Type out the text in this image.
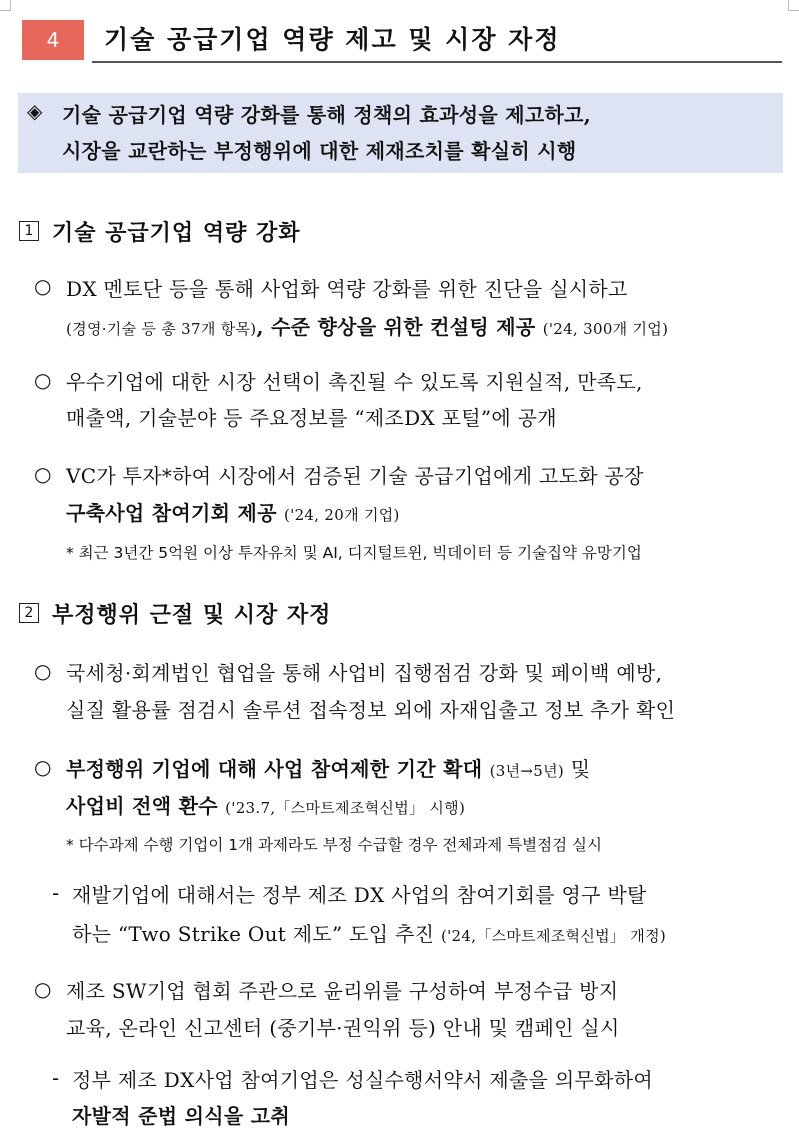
4	기술 공급기업 역량 제고 및 시장 자정
◈ 기술 공급기업 역량 강화를 통해 정책의 효과성을 제고하고,
시장을 교란하는 부정행위에 대한 제재조치를 확실히 시행
1 기술 공급기업 역량 강화
○ DX 멘토단 등을 통해 사업화 역량 강화를 위한 진단을 실시하고
(경영·기술 등 총 37개 항목), 수준 향상을 위한 컨설팅 제공 ('24, 300개 기업)
○ 우수기업에 대한 시장 선택이 촉진될 수 있도록 지원실적, 만족도,
매출액, 기술분야 등 주요정보를 “제조DX 포털”에 공개
○ VC가 투자*하여 시장에서 검증된 기술 공급기업에게 고도화 공장
구축사업 참여기회 제공 ('24, 20개 기업)
* 최근 3년간 5억원 이상 투자유치 및 AI, 디지털트윈, 빅데이터 등 기술집약 유망기업
2 부정행위 근절 및 시장 자정
○ 국세청·회계법인 협업을 통해 사업비 집행점검 강화 및 페이백 예방,
실질 활용률 점검시 솔루션 접속정보 외에 자재입출고 정보 추가 확인
○ 부정행위 기업에 대해 사업 참여제한 기간 확대 (3년→5년) 및
사업비 전액 환수 ('23.7,「스마트제조혁신법」 시행)
* 다수과제 수행 기업이 1개 과제라도 부정 수급할 경우 전체과제 특별점검 실시
- 재발기업에 대해서는 정부 제조 DX 사업의 참여기회를 영구 박탈
하는 “Two Strike Out 제도” 도입 추진 ('24,「스마트제조혁신법」 개정)
○ 제조 SW기업 협회 주관으로 윤리위를 구성하여 부정수급 방지
교육, 온라인 신고센터 (중기부·권익위 등) 안내 및 캠페인 실시
- 정부 제조 DX사업 참여기업은 성실수행서약서 제출을 의무화하여
자발적 준법 의식을 고취
